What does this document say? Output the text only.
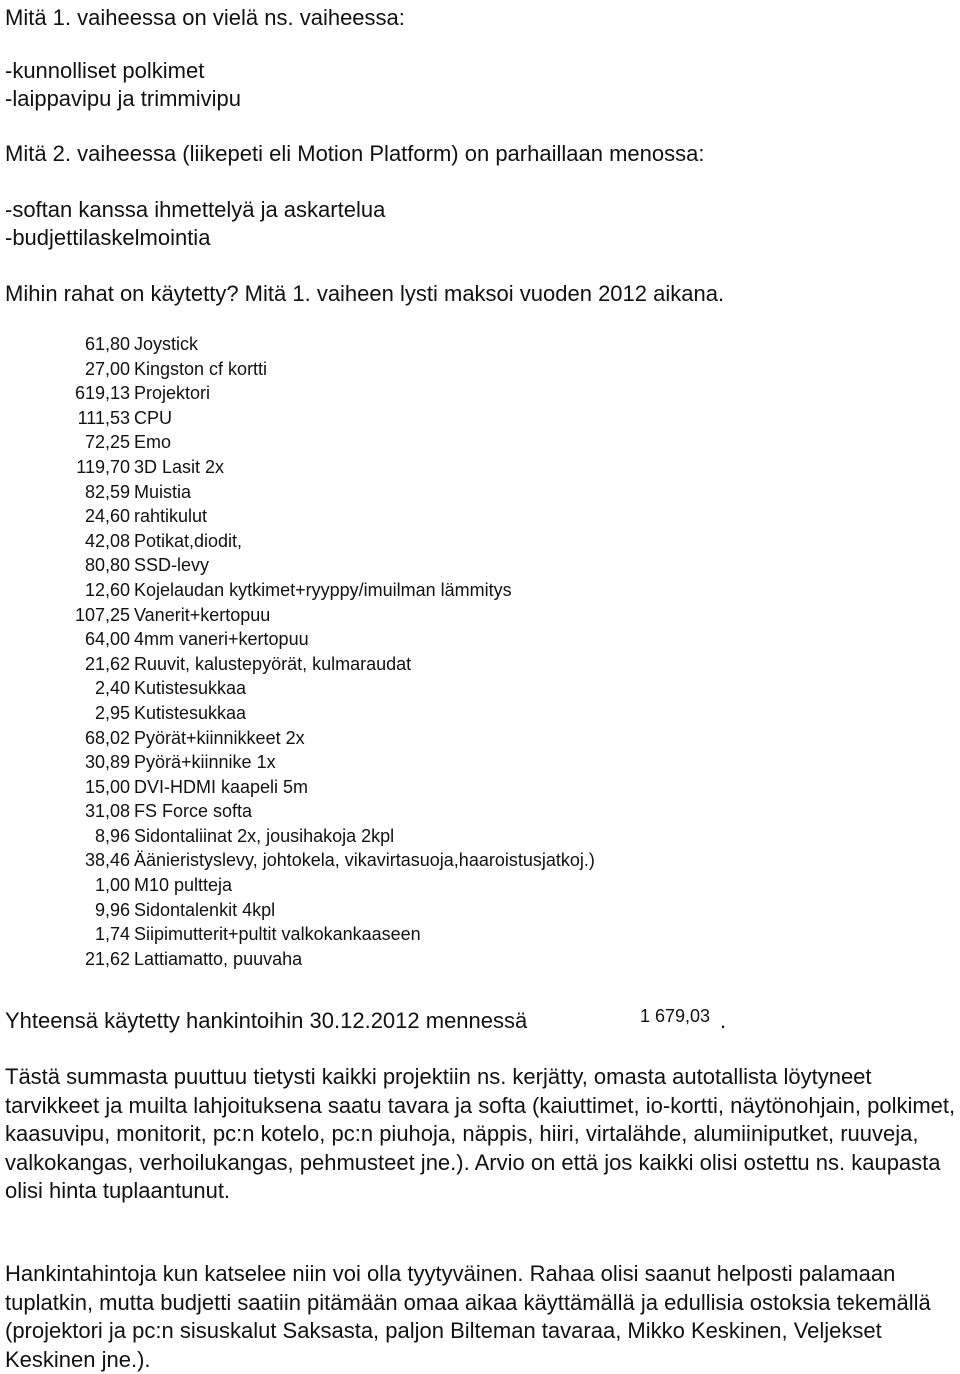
Mitä 1. vaiheessa on vielä ns. vaiheessa:
-kunnolliset polkimet
-laippavipu ja trimmivipu
Mitä 2. vaiheessa (liikepeti eli Motion Platform) on parhaillaan menossa:
-softan kanssa ihmettelyä ja askartelua
-budjettilaskelmointia
Mihin rahat on käytetty? Mitä 1. vaiheen lysti maksoi vuoden 2012 aikana.
61,80 Joystick
27,00 Kingston cf kortti
619,13 Projektori
111,53 CPU
72,25 Emo
119,70 3D Lasit 2x
82,59 Muistia
24,60 rahtikulut
42,08 Potikat,diodit,
80,80 SSD-levy
12,60 Kojelaudan kytkimet+ryyppy/imuilman lämmitys
107,25 Vanerit+kertopuu
64,00 4mm vaneri+kertopuu
21,62 Ruuvit, kalustepyörät, kulmaraudat
2,40 Kutistesukkaa
2,95 Kutistesukkaa
68,02 Pyörät+kiinnikkeet 2x
30,89 Pyörä+kiinnike 1x
15,00 DVI-HDMI kaapeli 5m
31,08 FS Force softa
8,96 Sidontaliinat 2x, jousihakoja 2kpl
38,46 Äänieristyslevy, johtokela, vikavirtasuoja,haaroistusjatkoj.)
1,00 M10 pultteja
9,96 Sidontalenkit 4kpl
1,74 Siipimutterit+pultit valkokankaaseen
21,62 Lattiamatto, puuvaha
Yhteensä käytetty hankintoihin 30.12.2012 mennessä	1 679,03 .
Tästä summasta puuttuu tietysti kaikki projektiin ns. kerjätty, omasta autotallista löytyneet tarvikkeet ja muilta lahjoituksena saatu tavara ja softa (kaiuttimet, io-kortti, näytönohjain, polkimet, kaasuvipu, monitorit, pc:n kotelo, pc:n piuhoja, näppis, hiiri, virtalähde, alumiiniputket, ruuveja, valkokangas, verhoilukangas, pehmusteet jne.). Arvio on että jos kaikki olisi ostettu ns. kaupasta olisi hinta tuplaantunut.
Hankintahintoja kun katselee niin voi olla tyytyväinen. Rahaa olisi saanut helposti palamaan tuplatkin, mutta budjetti saatiin pitämään omaa aikaa käyttämällä ja edullisia ostoksia tekemällä (projektori ja pc:n sisuskalut Saksasta, paljon Bilteman tavaraa, Mikko Keskinen, Veljekset Keskinen jne.).
